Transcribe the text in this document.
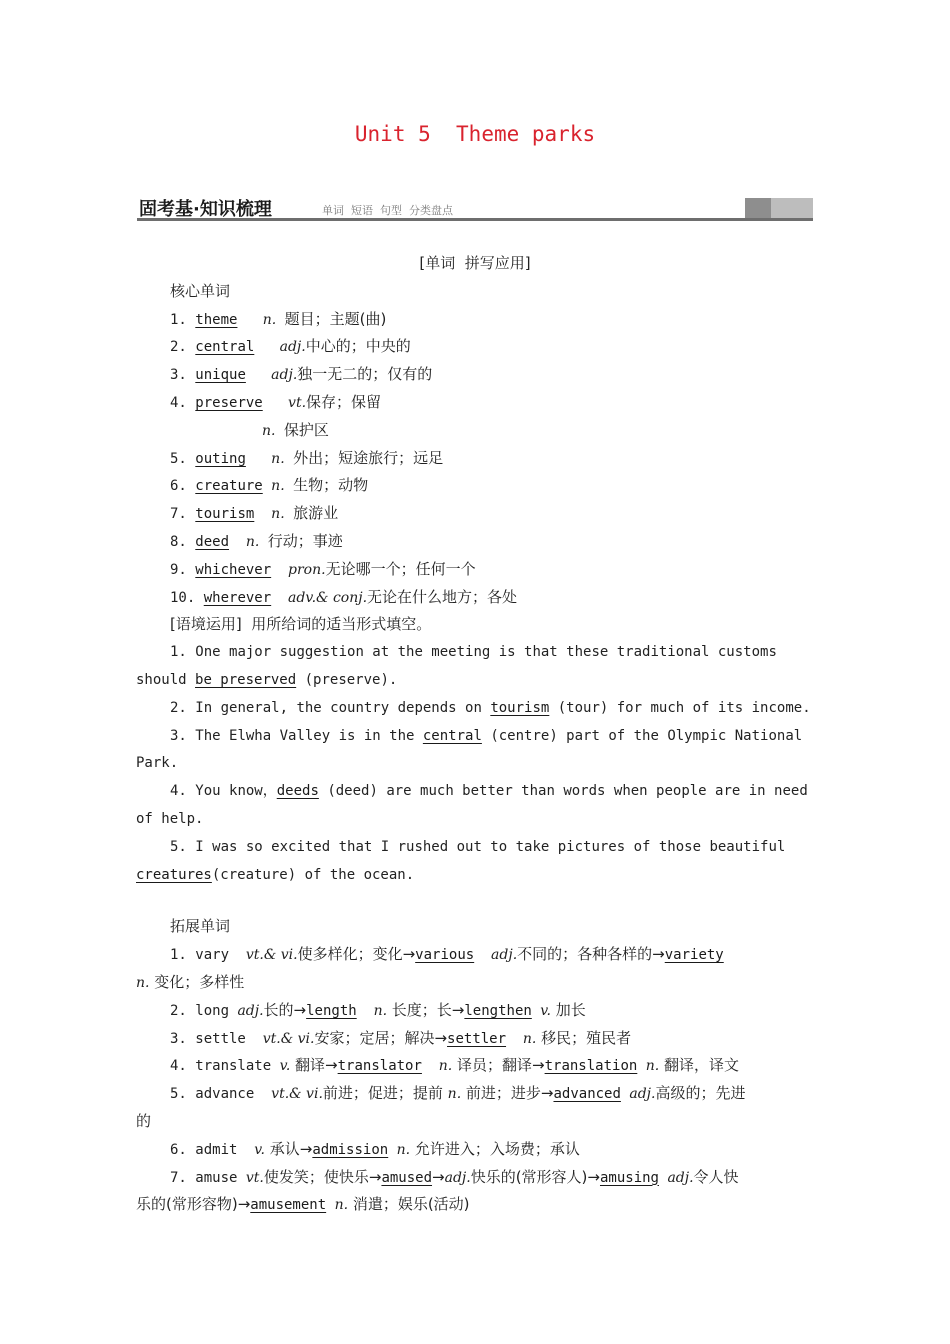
Unit 5  Theme parks
固考基·知识梳理	单词  短语  句型  分类盘点
[单词  拼写应用]
核心单词
1. theme n. 题目；主题(曲)
2. central adj.中心的；中央的
3. unique adj.独一无二的；仅有的
4. preserve vt.保存；保留
n. 保护区
5. outing n. 外出；短途旅行；远足
6. creature n. 生物；动物
7. tourism n. 旅游业
8. deed n. 行动；事迹
9. whichever pron.无论哪一个；任何一个
10. wherever adv.& conj.无论在什么地方；各处
[语境运用]  用所给词的适当形式填空。
1. One major suggestion at the meeting is that these traditional customs
should be preserved (preserve).
2. In general, the country depends on tourism (tour) for much of its income.
3. The Elwha Valley is in the central (centre) part of the Olympic National
Park.
4. You know，deeds (deed) are much better than words when people are in need
of help.
5. I was so excited that I rushed out to take pictures of those beautiful
creatures(creature) of the ocean.
拓展单词
1. vary  vt.& vi.使多样化；变化→various adj.不同的；各种各样的→variety
n. 变化；多样性
2. long adj.长的→length n. 长度；长→lengthen v. 加长
3. settle  vt.& vi.安家；定居；解决→settler n. 移民；殖民者
4. translate v. 翻译→translator n. 译员；翻译→translation n. 翻译，译文
5. advance  vt.& vi.前进；促进；提前 n. 前进；进步→advanced adj.高级的；先进
的
6. admit  v. 承认→admission n. 允许进入；入场费；承认
7. amuse vt.使发笑；使快乐→amused→adj.快乐的(常形容人)→amusing adj.令人快
乐的(常形容物)→amusement n. 消遣；娱乐(活动)
